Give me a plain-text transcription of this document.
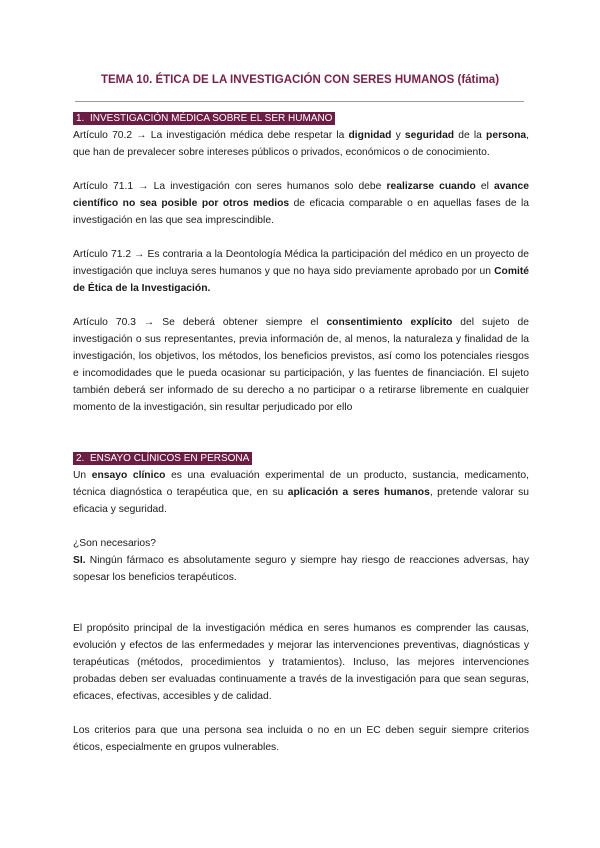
TEMA 10. ÉTICA DE LA INVESTIGACIÓN CON SERES HUMANOS (fátima)
1. INVESTIGACIÓN MÉDICA SOBRE EL SER HUMANO

Artículo 70.2 → La investigación médica debe respetar la dignidad y seguridad de la persona, que han de prevalecer sobre intereses públicos o privados, económicos o de conocimiento.

Artículo 71.1 → La investigación con seres humanos solo debe realizarse cuando el avance científico no sea posible por otros medios de eficacia comparable o en aquellas fases de la investigación en las que sea imprescindible.

Artículo 71.2 → Es contraria a la Deontología Médica la participación del médico en un proyecto de investigación que incluya seres humanos y que no haya sido previamente aprobado por un Comité de Ética de la Investigación.

Artículo 70.3 → Se deberá obtener siempre el consentimiento explícito del sujeto de investigación o sus representantes, previa información de, al menos, la naturaleza y finalidad de la investigación, los objetivos, los métodos, los beneficios previstos, así como los potenciales riesgos e incomodidades que le pueda ocasionar su participación, y las fuentes de financiación. El sujeto también deberá ser informado de su derecho a no participar o a retirarse libremente en cualquier momento de la investigación, sin resultar perjudicado por ello

2. ENSAYO CLÍNICOS EN PERSONA

Un ensayo clínico es una evaluación experimental de un producto, sustancia, medicamento, técnica diagnóstica o terapéutica que, en su aplicación a seres humanos, pretende valorar su eficacia y seguridad.

¿Son necesarios?

SI. Ningún fármaco es absolutamente seguro y siempre hay riesgo de reacciones adversas, hay sopesar los beneficios terapéuticos.

El propósito principal de la investigación médica en seres humanos es comprender las causas, evolución y efectos de las enfermedades y mejorar las intervenciones preventivas, diagnósticas y terapéuticas (métodos, procedimientos y tratamientos). Incluso, las mejores intervenciones probadas deben ser evaluadas continuamente a través de la investigación para que sean seguras, eficaces, efectivas, accesibles y de calidad.

Los criterios para que una persona sea incluida o no en un EC deben seguir siempre criterios éticos, especialmente en grupos vulnerables.
